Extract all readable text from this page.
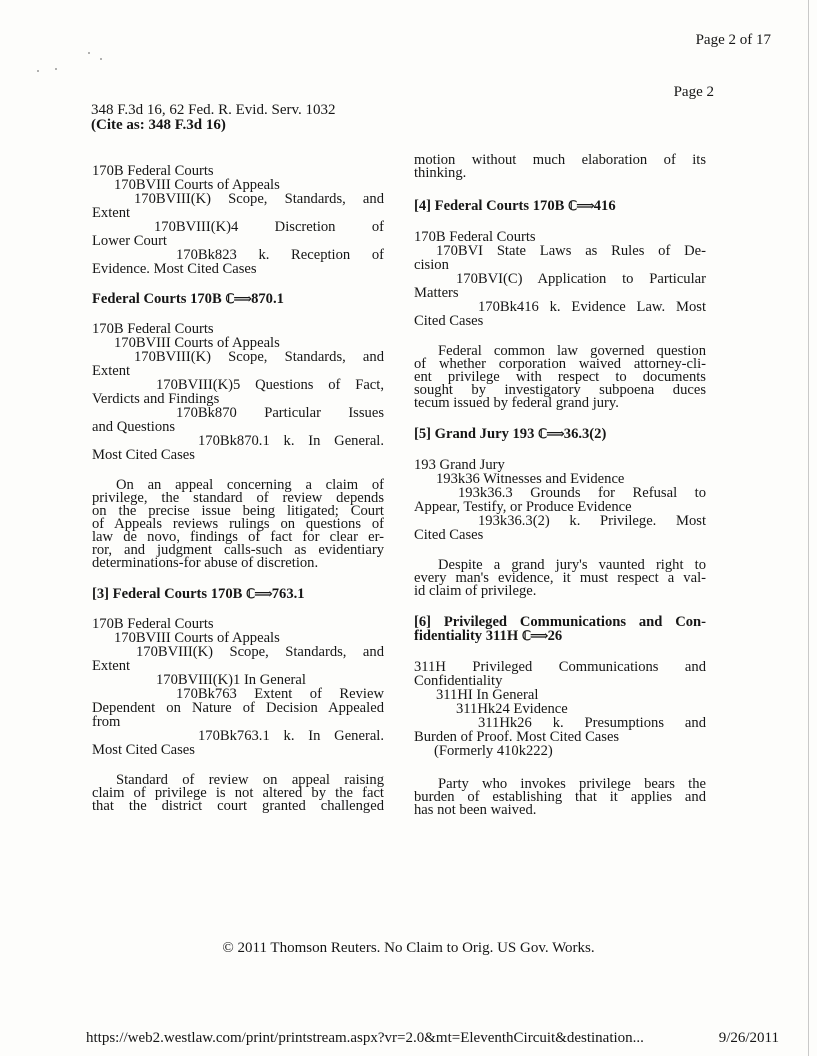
Page 2 of 17
Page 2
348 F.3d 16, 62 Fed. R. Evid. Serv. 1032
(Cite as: 348 F.3d 16)

170B Federal Courts

170BVIII Courts of Appeals

170BVIII(K) Scope, Standards, and

Extent

170BVIII(K)4 Discretion of

Lower Court

170Bk823 k. Reception of

Evidence. Most Cited Cases

Federal Courts 170B ℂ⟹870.1

170B Federal Courts

170BVIII Courts of Appeals

170BVIII(K) Scope, Standards, and

Extent

170BVIII(K)5 Questions of Fact,

Verdicts and Findings

170Bk870 Particular Issues

and Questions

170Bk870.1 k. In General.

Most Cited Cases

On an appeal concerning a claim of

privilege, the standard of review depends

on the precise issue being litigated; Court

of Appeals reviews rulings on questions of

law de novo, findings of fact for clear er-

ror, and judgment calls-such as evidentiary

determinations-for abuse of discretion.

[3] Federal Courts 170B ℂ⟹763.1

170B Federal Courts

170BVIII Courts of Appeals

170BVIII(K) Scope, Standards, and

Extent

170BVIII(K)1 In General

170Bk763 Extent of Review

Dependent on Nature of Decision Appealed

from

170Bk763.1 k. In General.

Most Cited Cases

Standard of review on appeal raising

claim of privilege is not altered by the fact

that the district court granted challenged

motion without much elaboration of its

thinking.

[4] Federal Courts 170B ℂ⟹416

170B Federal Courts

170BVI State Laws as Rules of De-

cision

170BVI(C) Application to Particular

Matters

170Bk416 k. Evidence Law. Most

Cited Cases

Federal common law governed question

of whether corporation waived attorney-cli-

ent privilege with respect to documents

sought by investigatory subpoena duces

tecum issued by federal grand jury.

[5] Grand Jury 193 ℂ⟹36.3(2)

193 Grand Jury

193k36 Witnesses and Evidence

193k36.3 Grounds for Refusal to

Appear, Testify, or Produce Evidence

193k36.3(2) k. Privilege. Most

Cited Cases

Despite a grand jury's vaunted right to

every man's evidence, it must respect a val-

id claim of privilege.

[6] Privileged Communications and Con-

fidentiality 311H ℂ⟹26

311H Privileged Communications and

Confidentiality

311HI In General

311Hk24 Evidence

311Hk26 k. Presumptions and

Burden of Proof. Most Cited Cases

(Formerly 410k222)

Party who invokes privilege bears the

burden of establishing that it applies and

has not been waived.

© 2011 Thomson Reuters. No Claim to Orig. US Gov. Works.
https://web2.westlaw.com/print/printstream.aspx?vr=2.0&mt=EleventhCircuit&destination...	9/26/2011
